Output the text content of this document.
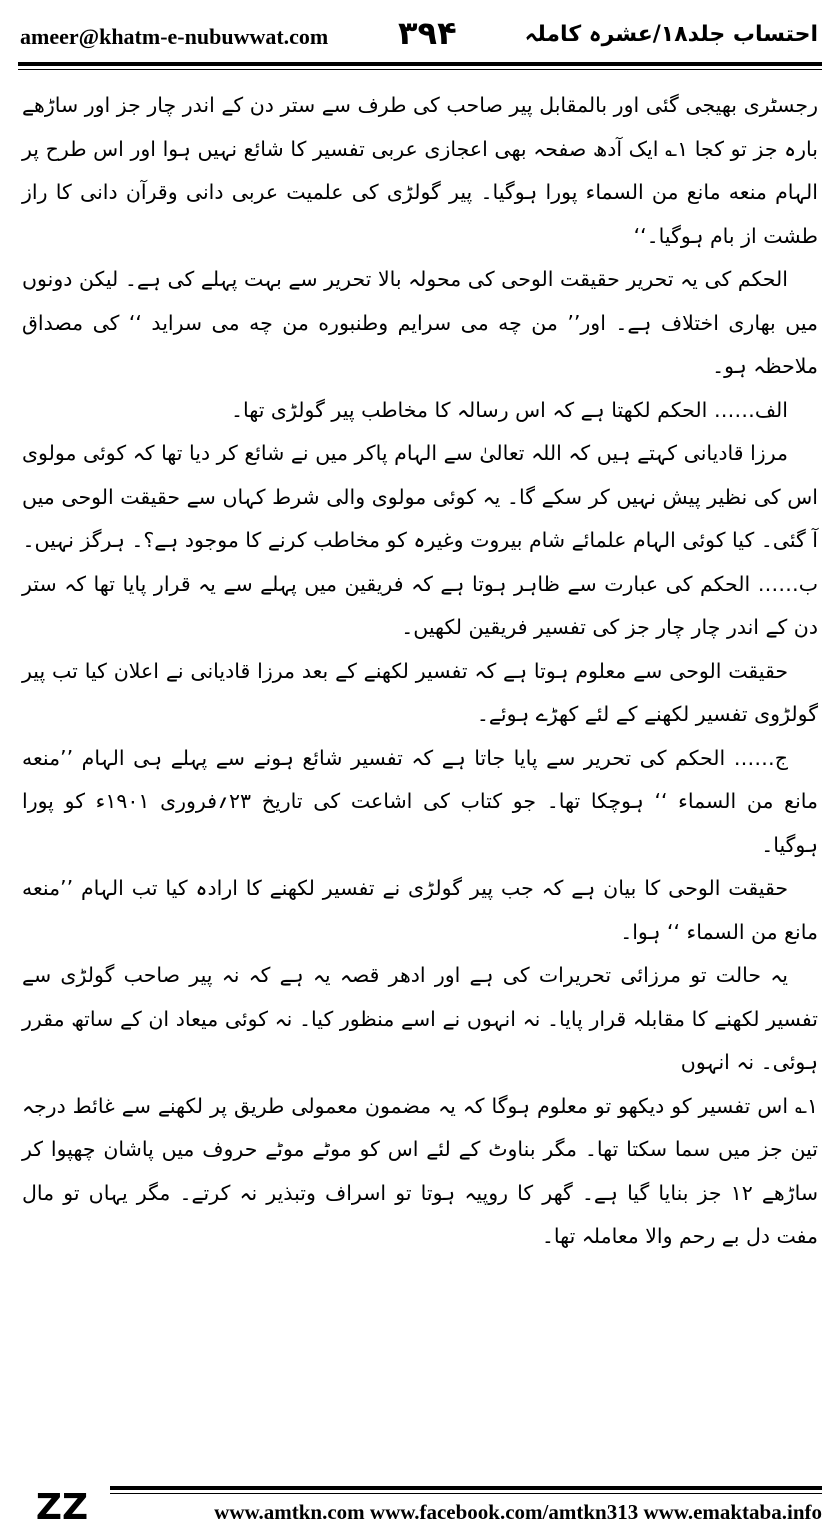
ameer@khatm-e-nubuwwat.com ۳۹۴	احتساب جلد۱۸/عشرہ کاملہ

رجسٹری بھیجی گئی اور بالمقابل پیر صاحب کی طرف سے ستر دن کے اندر چار جز اور ساڑھے بارہ جز تو کجا ۱؎ ایک آدھ صفحہ بھی اعجازی عربی تفسیر کا شائع نہیں ہوا اور اس طرح پر الہام منعه مانع من السماء پورا ہوگیا۔ پیر گولڑی کی علمیت عربی دانی وقرآن دانی کا راز طشت از بام ہوگیا۔‘‘

الحکم کی یہ تحریر حقیقت الوحی کی محولہ بالا تحریر سے بہت پہلے کی ہے۔ لیکن دونوں میں بھاری اختلاف ہے۔ اور’’ من چه می سرایم وطنبوره من چه می سراید ‘‘ کی مصداق ملاحظہ ہو۔

الف…… الحکم لکھتا ہے کہ اس رسالہ کا مخاطب پیر گولڑی تھا۔

مرزا قادیانی کہتے ہیں کہ اللہ تعالیٰ سے الہام پاکر میں نے شائع کر دیا تھا کہ کوئی مولوی اس کی نظیر پیش نہیں کر سکے گا۔ یہ کوئی مولوی والی شرط کہاں سے حقیقت الوحی میں آ گئی۔ کیا کوئی الہام علمائے شام بیروت وغیرہ کو مخاطب کرنے کا موجود ہے؟۔ ہرگز نہیں۔

ب…… الحکم کی عبارت سے ظاہر ہوتا ہے کہ فریقین میں پہلے سے یہ قرار پایا تھا کہ ستر دن کے اندر چار چار جز کی تفسیر فریقین لکھیں۔

حقیقت الوحی سے معلوم ہوتا ہے کہ تفسیر لکھنے کے بعد مرزا قادیانی نے اعلان کیا تب پیر گولڑوی تفسیر لکھنے کے لئے کھڑے ہوئے۔

ج…… الحکم کی تحریر سے پایا جاتا ہے کہ تفسیر شائع ہونے سے پہلے ہی الہام ’’منعه مانع من السماء ‘‘ ہوچکا تھا۔ جو کتاب کی اشاعت کی تاریخ ۲۳؍فروری ۱۹۰۱ء کو پورا ہوگیا۔

حقیقت الوحی کا بیان ہے کہ جب پیر گولڑی نے تفسیر لکھنے کا ارادہ کیا تب الہام ’’منعه مانع من السماء ‘‘ ہوا۔

یہ حالت تو مرزائی تحریرات کی ہے اور ادھر قصہ یہ ہے کہ نہ پیر صاحب گولڑی سے تفسیر لکھنے کا مقابلہ قرار پایا۔ نہ انہوں نے اسے منظور کیا۔ نہ کوئی میعاد ان کے ساتھ مقرر ہوئی۔ نہ انہوں

۱؎ اس تفسیر کو دیکھو تو معلوم ہوگا کہ یہ مضمون معمولی طریق پر لکھنے سے غائط درجہ تین جز میں سما سکتا تھا۔ مگر بناوٹ کے لئے اس کو موٹے موٹے حروف میں پاشان چھپوا کر ساڑھے ۱۲ جز بنایا گیا ہے۔ گھر کا روپیہ ہوتا تو اسراف وتبذیر نہ کرتے۔ مگر یہاں تو مال مفت دل بے رحم والا معاملہ تھا۔

ZZ	www.amtkn.com www.facebook.com/amtkn313 www.emaktaba.info
